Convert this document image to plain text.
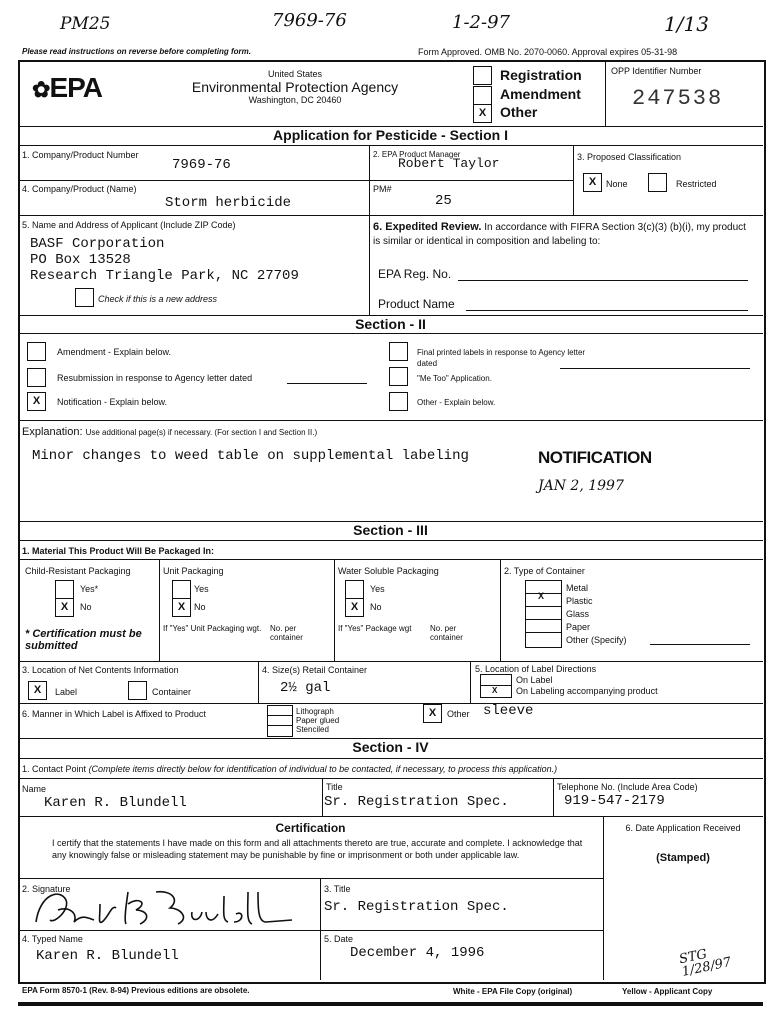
PM25	7969-76	1-2-97	1/13
Please read instructions on reverse before completing form.	Form Approved. OMB No. 2070-0060. Approval expires 05-31-98
✿EPA	United States
Environmental Protection Agency
Washington, DC 20460
Registration
Amendment
X Other
OPP Identifier Number
247538
Application for Pesticide - Section I
1. Company/Product Number
7969-76
2. EPA Product Manager
Robert Taylor	3. Proposed Classification
X	None	Restricted
4. Company/Product (Name)
Storm herbicide
PM#
25
5. Name and Address of Applicant (Include ZIP Code)
BASF Corporation
PO Box 13528
Research Triangle Park, NC 27709
Check if this is a new address
6. Expedited Review. In accordance with FIFRA Section 3(c)(3) (b)(i), my product is similar or identical in composition and labeling to:
EPA Reg. No.
Product Name
Section - II
Amendment - Explain below.
Resubmission in response to Agency letter dated
X	Notification - Explain below.
Final printed labels in response to Agency letter dated
"Me Too" Application.
Other - Explain below.
Explanation: Use additional page(s) if necessary. (For section I and Section II.)
Minor changes to weed table on supplemental labeling	NOTIFICATION
JAN 2, 1997
Section - III
1. Material This Product Will Be Packaged In:
Child-Resistant Packaging
Yes*
X	No
* Certification must be submitted
Unit Packaging
Yes
X No
If "Yes" Unit Packaging wgt. No. per container
Water Soluble Packaging
Yes
X	No
If "Yes" Package wgt	No. per container
2. Type of Container
X
Metal
Plastic
Glass
Paper
Other (Specify)
3. Location of Net Contents Information
X	Label	Container
4. Size(s) Retail Container
2½ gal
5. Location of Label Directions
X
On Label
On Labeling accompanying product
6. Manner in Which Label is Affixed to Product	Lithograph
Paper glued
Stenciled
X	Other sleeve
Section - IV
1. Contact Point (Complete items directly below for identification of individual to be contacted, if necessary, to process this application.)
Name
Karen R. Blundell
Title
Sr. Registration Spec.
Telephone No. (Include Area Code)
919-547-2179
Certification
I certify that the statements I have made on this form and all attachments thereto are true, accurate and complete. I acknowledge that any knowingly false or misleading statement may be punishable by fine or imprisonment or both under applicable law.
6. Date Application Received
(Stamped)
STG 1/28/97
2. Signature	3. Title
Sr. Registration Spec.
4. Typed Name
Karen R. Blundell
5. Date
December 4, 1996
EPA Form 8570-1 (Rev. 8-94) Previous editions are obsolete.	White - EPA File Copy (original)	Yellow - Applicant Copy
